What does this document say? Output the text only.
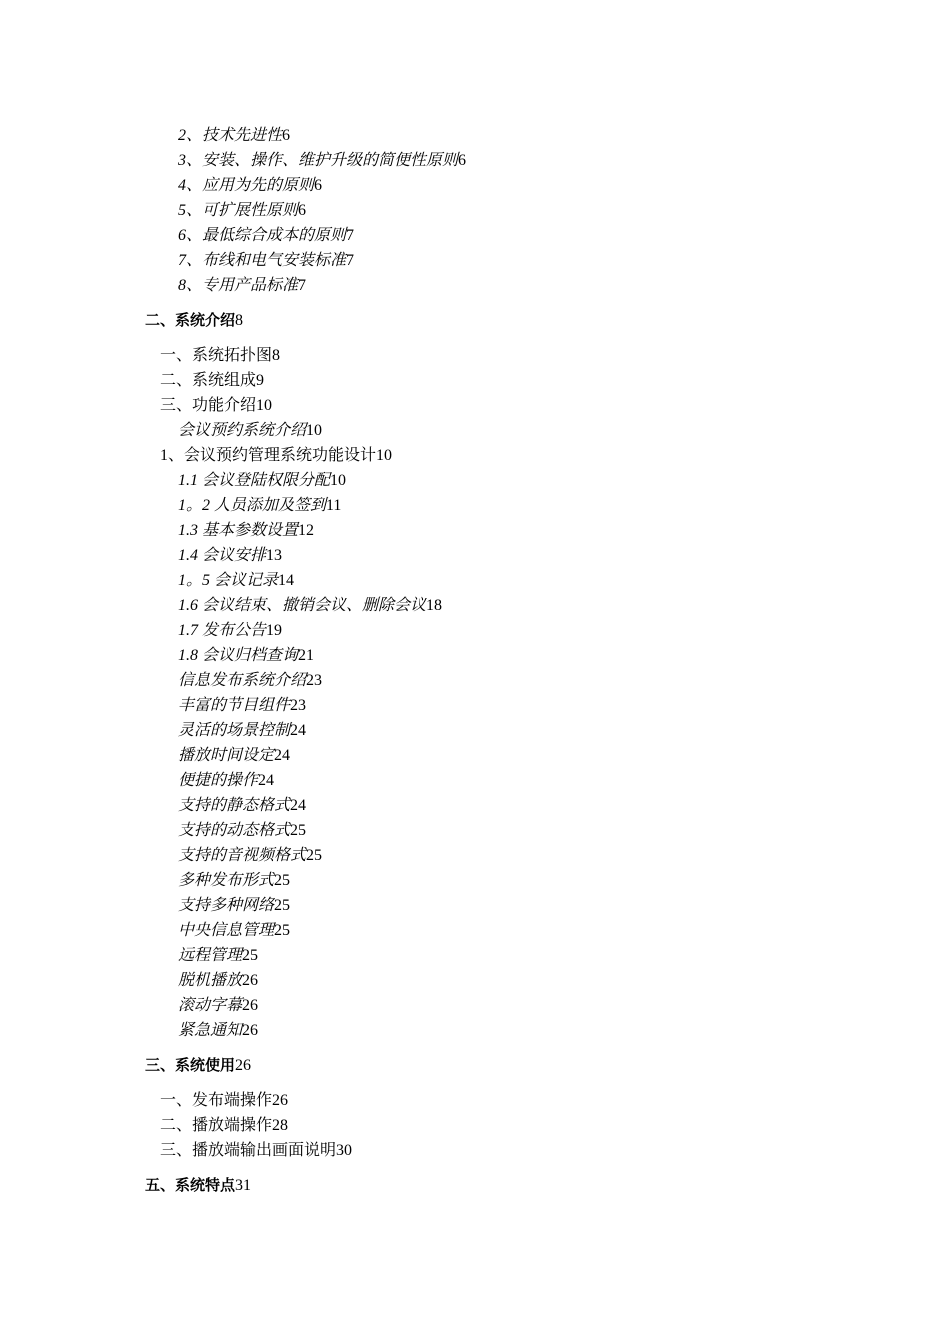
2、技术先进性6
3、安装、操作、维护升级的简便性原则6
4、应用为先的原则6
5、可扩展性原则6
6、最低综合成本的原则7
7、布线和电气安装标准7
8、专用产品标准7
二、系统介绍8
一、系统拓扑图8
二、系统组成9
三、功能介绍10
会议预约系统介绍10
1、会议预约管理系统功能设计10
1.1 会议登陆权限分配10
1。2 人员添加及签到11
1.3 基本参数设置12
1.4 会议安排13
1。5 会议记录14
1.6 会议结束、撤销会议、删除会议18
1.7 发布公告19
1.8 会议归档查询21
信息发布系统介绍23
丰富的节目组件23
灵活的场景控制24
播放时间设定24
便捷的操作24
支持的静态格式24
支持的动态格式25
支持的音视频格式25
多种发布形式25
支持多种网络25
中央信息管理25
远程管理25
脱机播放26
滚动字幕26
紧急通知26
三、系统使用26
一、发布端操作26
二、播放端操作28
三、播放端输出画面说明30
五、系统特点31
